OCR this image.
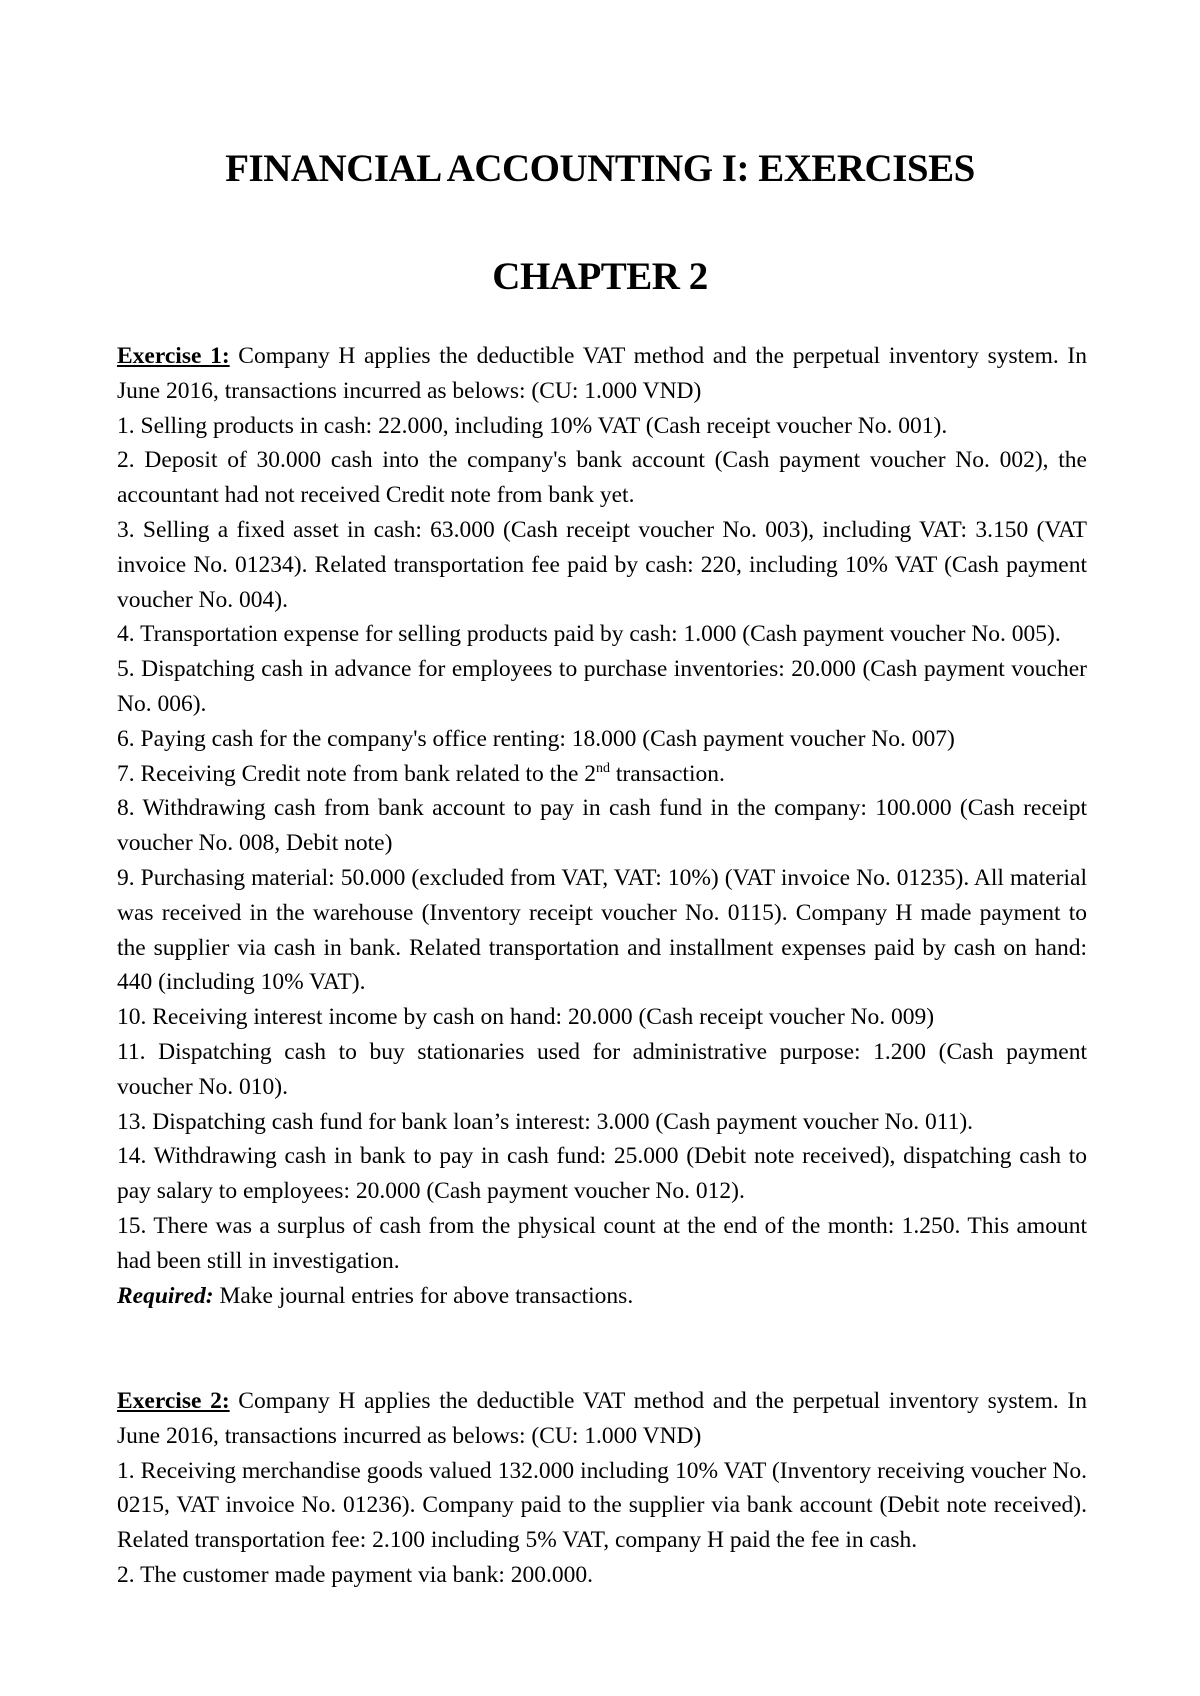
FINANCIAL ACCOUNTING I: EXERCISES
CHAPTER 2

Exercise 1: Company H applies the deductible VAT method and the perpetual inventory system. In June 2016, transactions incurred as belows: (CU: 1.000 VND)

1. Selling products in cash: 22.000, including 10% VAT (Cash receipt voucher No. 001).

2. Deposit of 30.000 cash into the company's bank account (Cash payment voucher No. 002), the accountant had not received Credit note from bank yet.

3. Selling a fixed asset in cash: 63.000 (Cash receipt voucher No. 003), including VAT: 3.150 (VAT invoice No. 01234). Related transportation fee paid by cash: 220, including 10% VAT (Cash payment voucher No. 004).

4. Transportation expense for selling products paid by cash: 1.000 (Cash payment voucher No. 005).

5. Dispatching cash in advance for employees to purchase inventories: 20.000 (Cash payment voucher No. 006).

6. Paying cash for the company's office renting: 18.000 (Cash payment voucher No. 007)

7. Receiving Credit note from bank related to the 2nd transaction.

8. Withdrawing cash from bank account to pay in cash fund in the company: 100.000 (Cash receipt voucher No. 008, Debit note)

9. Purchasing material: 50.000 (excluded from VAT, VAT: 10%) (VAT invoice No. 01235). All material was received in the warehouse (Inventory receipt voucher No. 0115). Company H made payment to the supplier via cash in bank. Related transportation and installment expenses paid by cash on hand: 440 (including 10% VAT).

10. Receiving interest income by cash on hand: 20.000 (Cash receipt voucher No. 009)

11. Dispatching cash to buy stationaries used for administrative purpose: 1.200 (Cash payment voucher No. 010).

13. Dispatching cash fund for bank loan’s interest: 3.000 (Cash payment voucher No. 011).

14. Withdrawing cash in bank to pay in cash fund: 25.000 (Debit note received), dispatching cash to pay salary to employees: 20.000 (Cash payment voucher No. 012).

15. There was a surplus of cash from the physical count at the end of the month: 1.250. This amount had been still in investigation.

Required: Make journal entries for above transactions.

Exercise 2: Company H applies the deductible VAT method and the perpetual inventory system. In June 2016, transactions incurred as belows: (CU: 1.000 VND)

1. Receiving merchandise goods valued 132.000 including 10% VAT (Inventory receiving voucher No. 0215, VAT invoice No. 01236). Company paid to the supplier via bank account (Debit note received). Related transportation fee: 2.100 including 5% VAT, company H paid the fee in cash.

2. The customer made payment via bank: 200.000.
